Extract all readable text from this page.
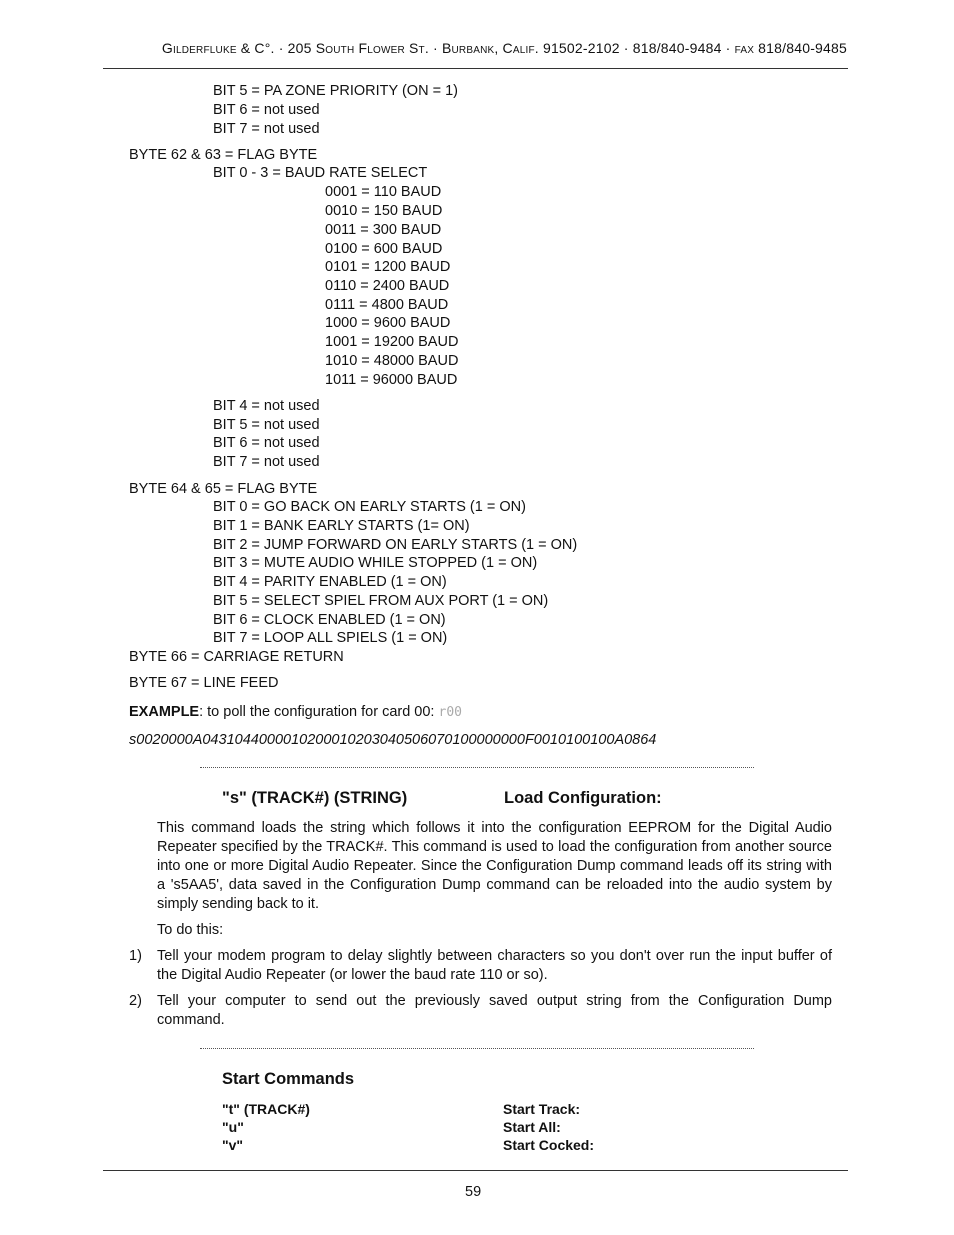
Gilderfluke & C°. · 205 South Flower St. · Burbank, Calif. 91502-2102 · 818/840-9484 · fax 818/840-9485
BIT 5 = PA ZONE PRIORITY (ON = 1)
BIT 6 = not used
BIT 7 = not used
BYTE 62 & 63 = FLAG BYTE
BIT 0 - 3 = BAUD RATE SELECT
0001 = 110 BAUD
0010 = 150 BAUD
0011 = 300 BAUD
0100 = 600 BAUD
0101 = 1200 BAUD
0110 = 2400 BAUD
0111 = 4800 BAUD
1000 = 9600 BAUD
1001 = 19200 BAUD
1010 = 48000 BAUD
1011 = 96000 BAUD
BIT 4 = not used
BIT 5 = not used
BIT 6 = not used
BIT 7 = not used
BYTE 64 & 65 = FLAG BYTE
BIT 0 = GO BACK ON EARLY STARTS (1 = ON)
BIT 1 = BANK EARLY STARTS (1= ON)
BIT 2 = JUMP FORWARD ON EARLY STARTS (1 = ON)
BIT 3 = MUTE AUDIO WHILE STOPPED (1 = ON)
BIT 4 = PARITY ENABLED (1 = ON)
BIT 5 = SELECT SPIEL FROM AUX PORT (1 = ON)
BIT 6 = CLOCK ENABLED (1 = ON)
BIT 7 = LOOP ALL SPIELS (1 = ON)
BYTE 66 = CARRIAGE RETURN
BYTE 67 = LINE FEED
EXAMPLE: to poll the configuration for card 00: r00
s0020000A0431044000010200010203040506070100000000F0010100100A0864
"s" (TRACK#) (STRING)	Load Configuration:
This command loads the string which follows it into the configuration EEPROM for the Digital Audio Repeater specified by the TRACK#. This command is used to load the configuration from another source into one or more Digital Audio Repeater. Since the Configuration Dump command leads off its string with a 's5AA5', data saved in the Configuration Dump command can be reloaded into the audio system by simply sending back to it.
To do this:
1) Tell your modem program to delay slightly between characters so you don't over run the input buffer of the Digital Audio Repeater (or lower the baud rate 110 or so).
2) Tell your computer to send out the previously saved output string from the Configuration Dump command.
Start Commands
"t" (TRACK#)	Start Track:
"u"	Start All:
"v"	Start Cocked:
59
